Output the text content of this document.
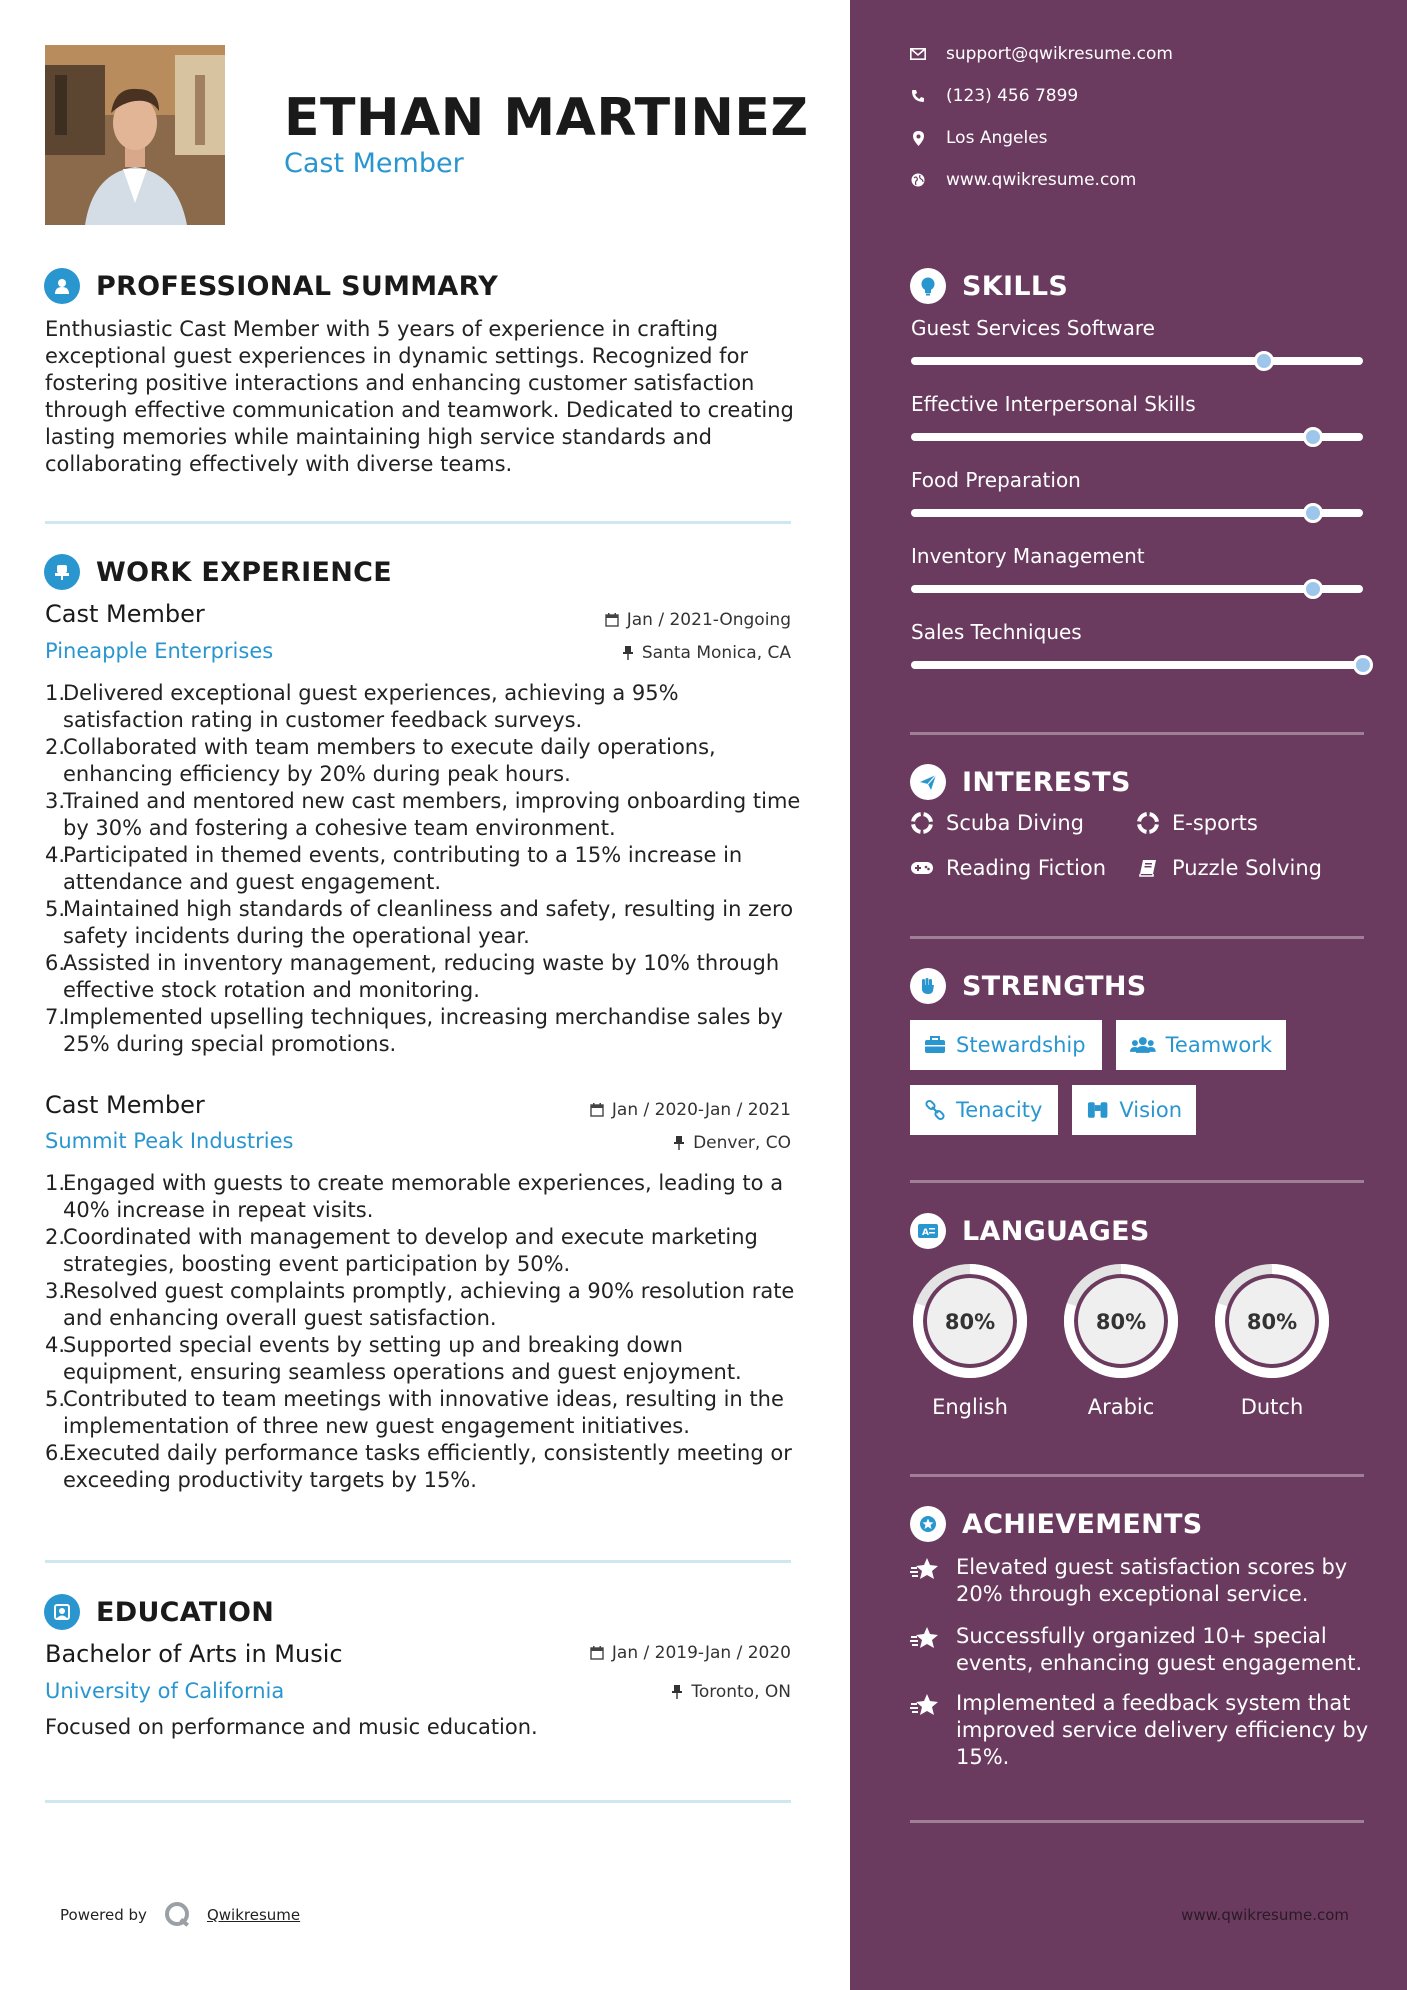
ETHAN MARTINEZ
Cast Member
PROFESSIONAL SUMMARY
Enthusiastic Cast Member with 5 years of experience in crafting exceptional guest experiences in dynamic settings. Recognized for fostering positive interactions and enhancing customer satisfaction through effective communication and teamwork. Dedicated to creating lasting memories while maintaining high service standards and collaborating effectively with diverse teams.
WORK EXPERIENCE
Cast Member
Pineapple Enterprises
Jan / 2021-Ongoing
Santa Monica, CA
1.
Delivered exceptional guest experiences, achieving a 95% satisfaction rating in customer feedback surveys.
2.
Collaborated with team members to execute daily operations, enhancing efficiency by 20% during peak hours.
3.
Trained and mentored new cast members, improving onboarding time by 30% and fostering a cohesive team environment.
4.
Participated in themed events, contributing to a 15% increase in attendance and guest engagement.
5.
Maintained high standards of cleanliness and safety, resulting in zero safety incidents during the operational year.
6.
Assisted in inventory management, reducing waste by 10% through effective stock rotation and monitoring.
7.
Implemented upselling techniques, increasing merchandise sales by 25% during special promotions.
Cast Member
Summit Peak Industries
Jan / 2020-Jan / 2021
Denver, CO
1.
Engaged with guests to create memorable experiences, leading to a 40% increase in repeat visits.
2.
Coordinated with management to develop and execute marketing strategies, boosting event participation by 50%.
3.
Resolved guest complaints promptly, achieving a 90% resolution rate and enhancing overall guest satisfaction.
4.
Supported special events by setting up and breaking down equipment, ensuring seamless operations and guest enjoyment.
5.
Contributed to team meetings with innovative ideas, resulting in the implementation of three new guest engagement initiatives.
6.
Executed daily performance tasks efficiently, consistently meeting or exceeding productivity targets by 15%.
EDUCATION
Bachelor of Arts in Music
University of California
Jan / 2019-Jan / 2020
Toronto, ON
Focused on performance and music education.
Powered by	Qwikresume
support@qwikresume.com
(123) 456 7899
Los Angeles
www.qwikresume.com
SKILLS
Guest Services Software
Effective Interpersonal Skills
Food Preparation
Inventory Management
Sales Techniques
INTERESTS
Scuba Diving	E-sports
Reading Fiction	Puzzle Solving
STRENGTHS
Stewardship	Teamwork
Tenacity	Vision
A LANGUAGES
80%
English
80%
Arabic
80%
Dutch
ACHIEVEMENTS
Elevated guest satisfaction scores by 20% through exceptional service.
Successfully organized 10+ special events, enhancing guest engagement.
Implemented a feedback system that improved service delivery efficiency by 15%.
www.qwikresume.com
